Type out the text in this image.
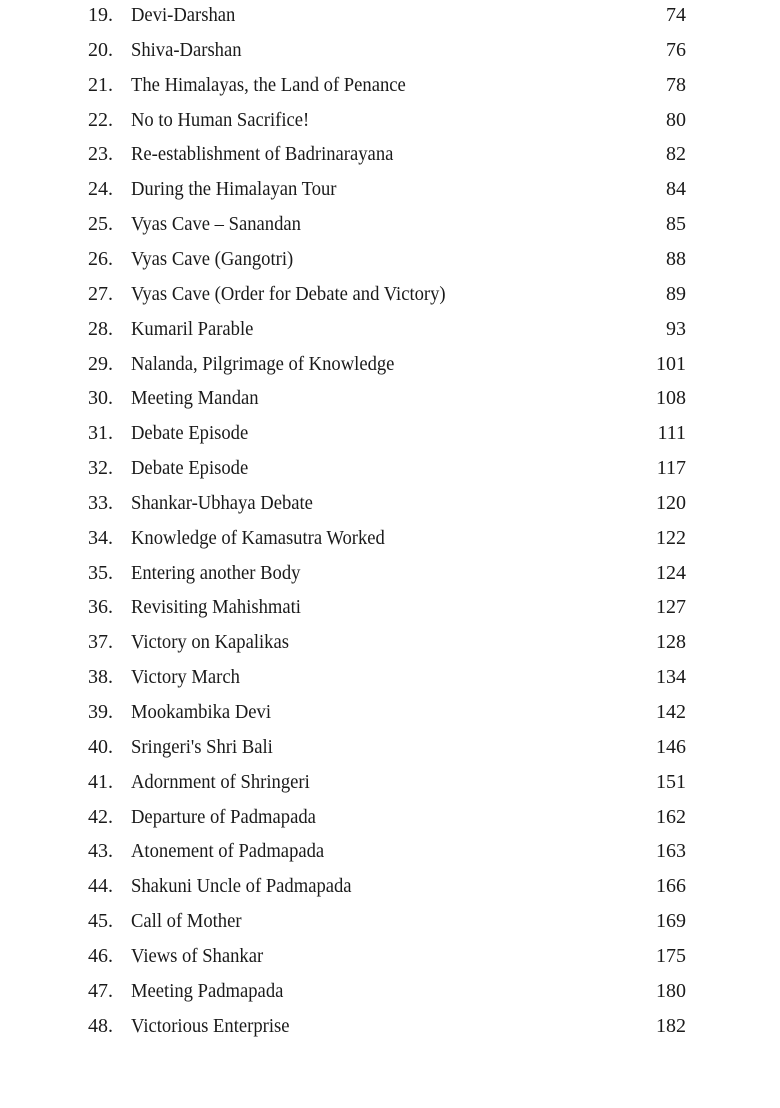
19. Devi-Darshan	74
20. Shiva-Darshan	76
21. The Himalayas, the Land of Penance	78
22. No to Human Sacrifice!	80
23. Re-establishment of Badrinarayana	82
24. During the Himalayan Tour	84
25. Vyas Cave – Sanandan	85
26. Vyas Cave (Gangotri)	88
27. Vyas Cave (Order for Debate and Victory)	89
28. Kumaril Parable	93
29. Nalanda, Pilgrimage of Knowledge	101
30. Meeting Mandan	108
31. Debate Episode	111
32. Debate Episode	117
33. Shankar-Ubhaya Debate	120
34. Knowledge of Kamasutra Worked	122
35. Entering another Body	124
36. Revisiting Mahishmati	127
37. Victory on Kapalikas	128
38. Victory March	134
39. Mookambika Devi	142
40. Sringeri's Shri Bali	146
41. Adornment of Shringeri	151
42. Departure of Padmapada	162
43. Atonement of Padmapada	163
44. Shakuni Uncle of Padmapada	166
45. Call of Mother	169
46. Views of Shankar	175
47. Meeting Padmapada	180
48. Victorious Enterprise	182
